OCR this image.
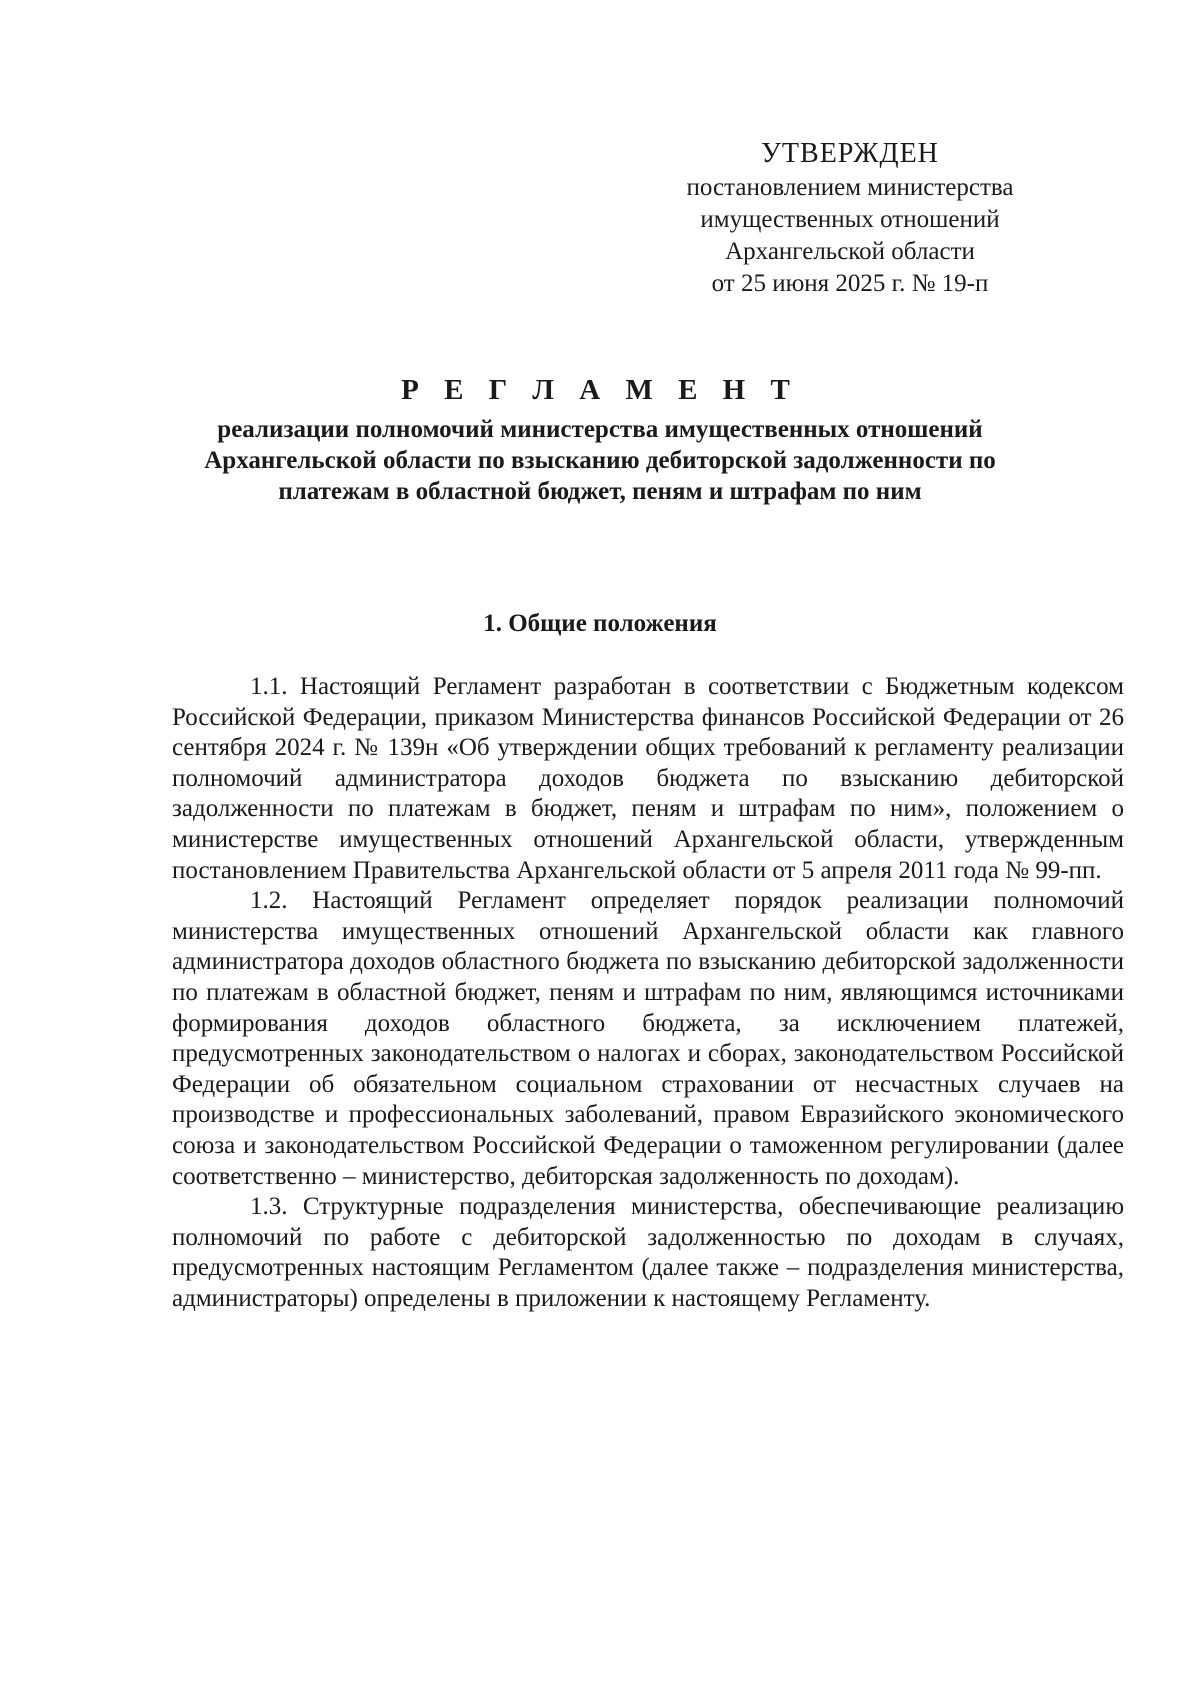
УТВЕРЖДЕН
постановлением министерства
имущественных отношений
Архангельской области
от 25 июня 2025 г. № 19-п
Р Е Г Л А М Е Н Т
реализации полномочий министерства имущественных отношений Архангельской области по взысканию дебиторской задолженности по платежам в областной бюджет, пеням и штрафам по ним
1. Общие положения

1.1. Настоящий Регламент разработан в соответствии с Бюджетным кодексом Российской Федерации, приказом Министерства финансов Российской Федерации от 26 сентября 2024 г. № 139н «Об утверждении общих требований к регламенту реализации полномочий администратора доходов бюджета по взысканию дебиторской задолженности по платежам в бюджет, пеням и штрафам по ним», положением о министерстве имущественных отношений Архангельской области, утвержденным постановлением Правительства Архангельской области от 5 апреля 2011 года № 99-пп.

1.2. Настоящий Регламент определяет порядок реализации полномочий министерства имущественных отношений Архангельской области как главного администратора доходов областного бюджета по взысканию дебиторской задолженности по платежам в областной бюджет, пеням и штрафам по ним, являющимся источниками формирования доходов областного бюджета, за исключением платежей, предусмотренных законодательством о налогах и сборах, законодательством Российской Федерации об обязательном социальном страховании от несчастных случаев на производстве и профессиональных заболеваний, правом Евразийского экономического союза и законодательством Российской Федерации о таможенном регулировании (далее соответственно – министерство, дебиторская задолженность по доходам).

1.3. Структурные подразделения министерства, обеспечивающие реализацию полномочий по работе с дебиторской задолженностью по доходам в случаях, предусмотренных настоящим Регламентом (далее также – подразделения министерства, администраторы) определены в приложении к настоящему Регламенту.
